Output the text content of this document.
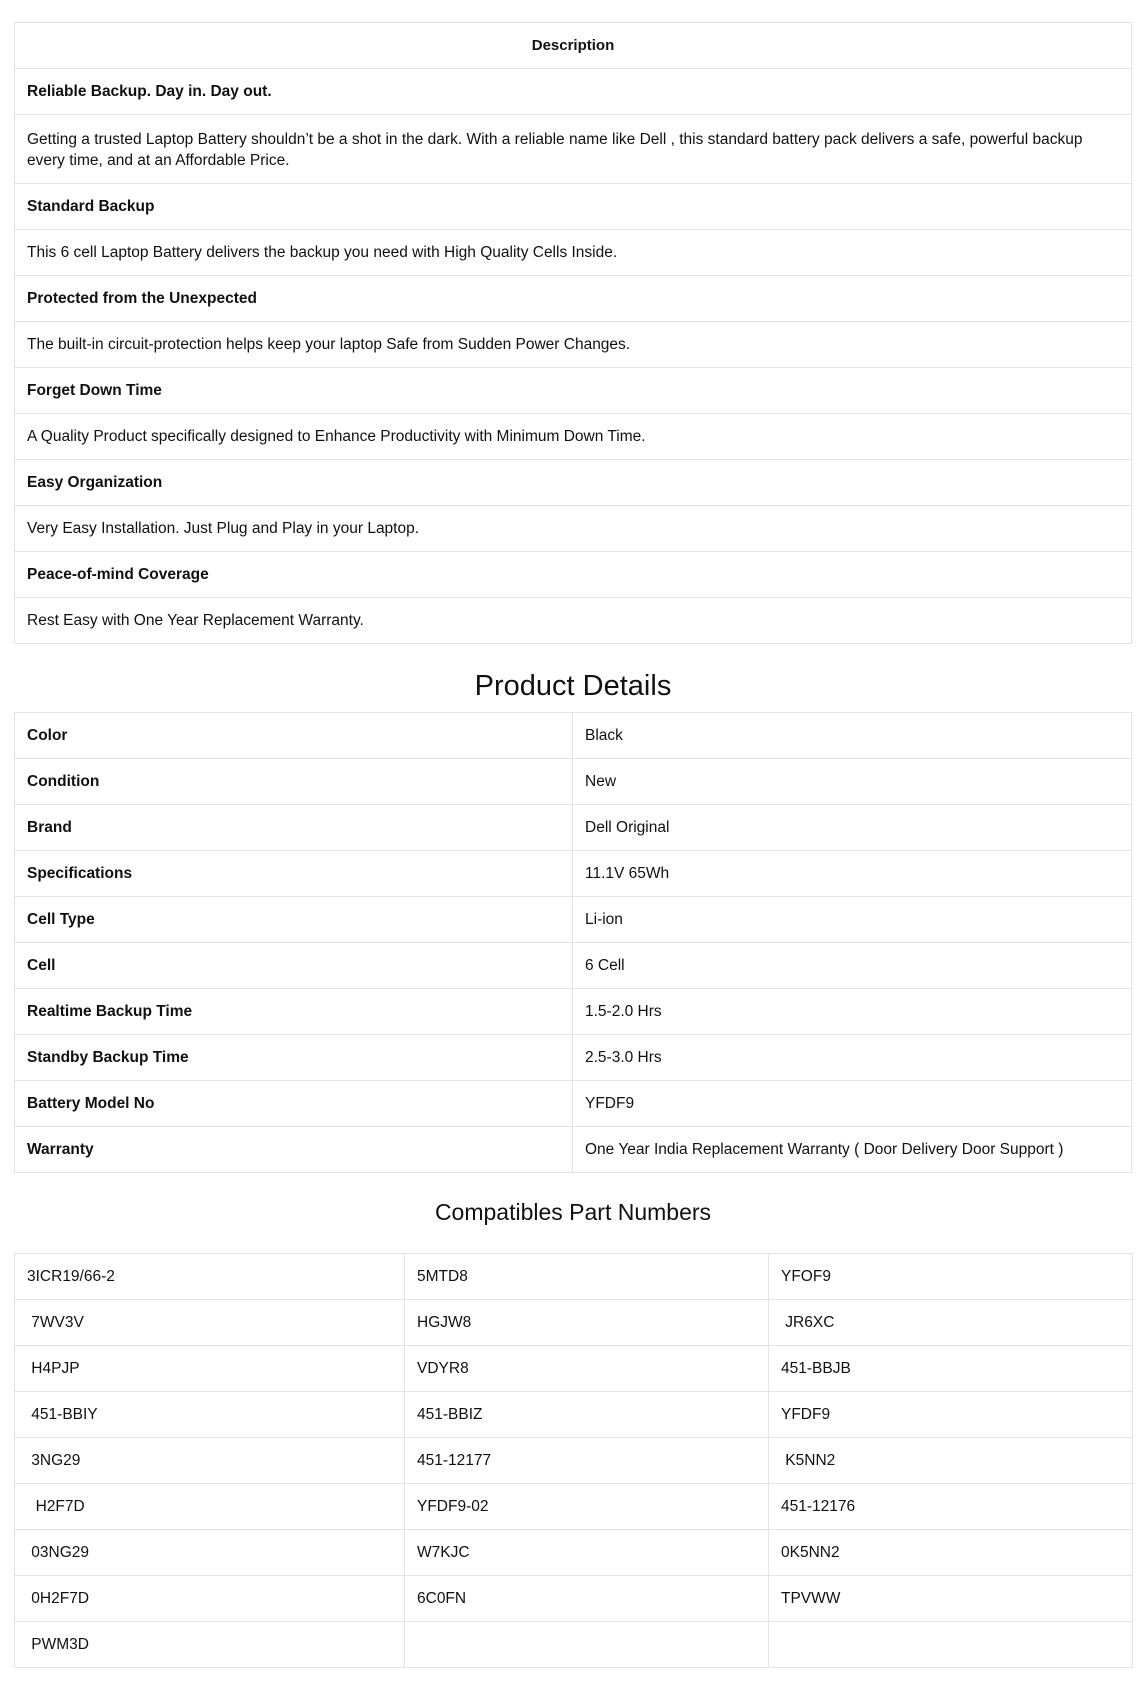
Description
Reliable Backup. Day in. Day out.
Getting a trusted Laptop Battery shouldn’t be a shot in the dark. With a reliable name like Dell , this standard battery pack delivers a safe, powerful backup every time, and at an Affordable Price.
Standard Backup
This 6 cell Laptop Battery delivers the backup you need with High Quality Cells Inside.
Protected from the Unexpected
The built-in circuit-protection helps keep your laptop Safe from Sudden Power Changes.
Forget Down Time
A Quality Product specifically designed to Enhance Productivity with Minimum Down Time.
Easy Organization
Very Easy Installation. Just Plug and Play in your Laptop.
Peace-of-mind Coverage
Rest Easy with One Year Replacement Warranty.
Product Details
Color	Black
Condition	New
Brand	Dell Original
Specifications	11.1V 65Wh
Cell Type	Li-ion
Cell	6 Cell
Realtime Backup Time	1.5-2.0 Hrs
Standby Backup Time	2.5-3.0 Hrs
Battery Model No	YFDF9
Warranty	One Year India Replacement Warranty ( Door Delivery Door Support )
Compatibles Part Numbers
3ICR19/66-2	5MTD8	YFOF9
7WV3V	HGJW8	JR6XC
H4PJP	VDYR8	451-BBJB
451-BBIY	451-BBIZ	YFDF9
3NG29	451-12177	K5NN2
H2F7D	YFDF9-02	451-12176
03NG29	W7KJC	0K5NN2
0H2F7D	6C0FN	TPVWW
PWM3D		
